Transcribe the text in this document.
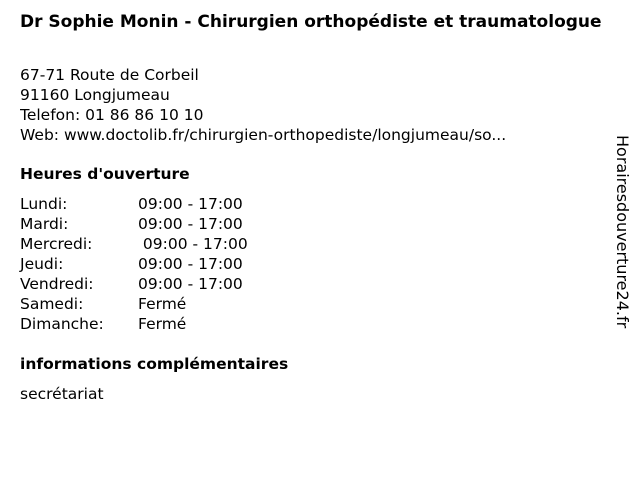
Dr Sophie Monin - Chirurgien orthopédiste et traumatologue
67-71 Route de Corbeil
91160 Longjumeau
Telefon: 01 86 86 10 10
Web: www.doctolib.fr/chirurgien-orthopediste/longjumeau/so...
Heures d'ouverture
Lundi:	09:00 - 17:00
Mardi:	09:00 - 17:00
Mercredi:	09:00 - 17:00
Jeudi:	09:00 - 17:00
Vendredi:	09:00 - 17:00
Samedi:	Fermé
Dimanche: Fermé
informations complémentaires
secrétariat
Horairesdouverture24.fr
